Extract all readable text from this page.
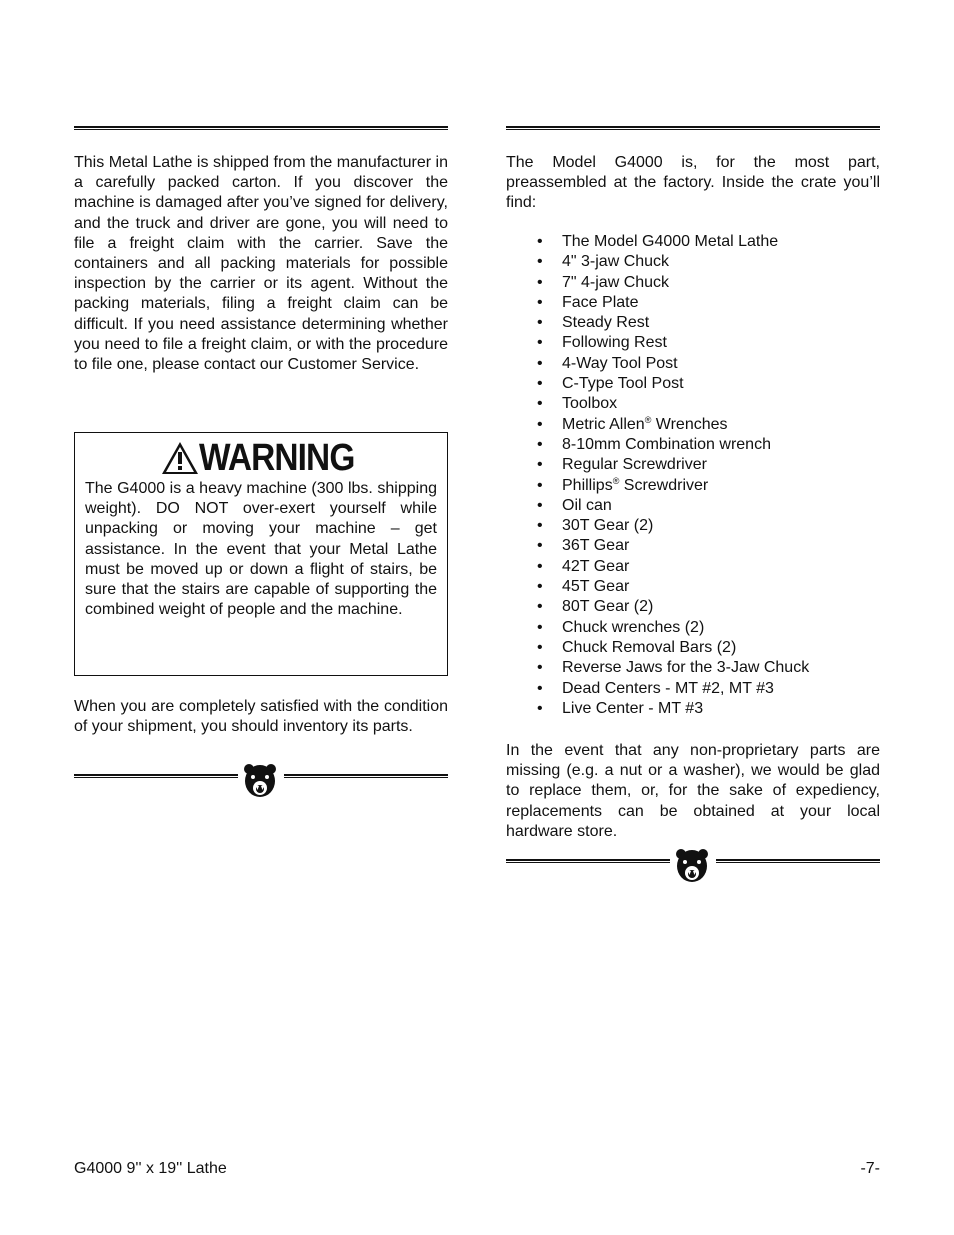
This Metal Lathe is shipped from the manufacturer in a carefully packed carton. If you discover the machine is damaged after you’ve signed for delivery, and the truck and driver are gone, you will need to file a freight claim with the carrier. Save the containers and all packing materials for possible inspection by the carrier or its agent. Without the packing materials, filing a freight claim can be difficult. If you need assistance determining whether you need to file a freight claim, or with the procedure to file one, please contact our Customer Service.

WARNING

The G4000 is a heavy machine (300 lbs. shipping weight). DO NOT over-exert yourself while unpacking or moving your machine – get assistance. In the event that your Metal Lathe must be moved up or down a flight of stairs, be sure that the stairs are capable of supporting the combined weight of people and the machine.

When you are completely satisfied with the condition of your shipment, you should inventory its parts.

The Model G4000 is, for the most part, preassembled at the factory. Inside the crate you’ll find:

• The Model G4000 Metal Lathe
• 4" 3-jaw Chuck
• 7" 4-jaw Chuck
• Face Plate
• Steady Rest
• Following Rest
• 4-Way Tool Post
• C-Type Tool Post
• Toolbox
• Metric Allen® Wrenches
• 8-10mm Combination wrench
• Regular Screwdriver
• Phillips® Screwdriver
• Oil can
• 30T Gear (2)
• 36T Gear
• 42T Gear
• 45T Gear
• 80T Gear (2)
• Chuck wrenches (2)
• Chuck Removal Bars (2)
• Reverse Jaws for the 3-Jaw Chuck
• Dead Centers - MT #2, MT #3
• Live Center - MT #3

In the event that any non-proprietary parts are missing (e.g. a nut or a washer), we would be glad to replace them, or, for the sake of expediency, replacements can be obtained at your local hardware store.

G4000 9'' x 19'' Lathe	-7-
